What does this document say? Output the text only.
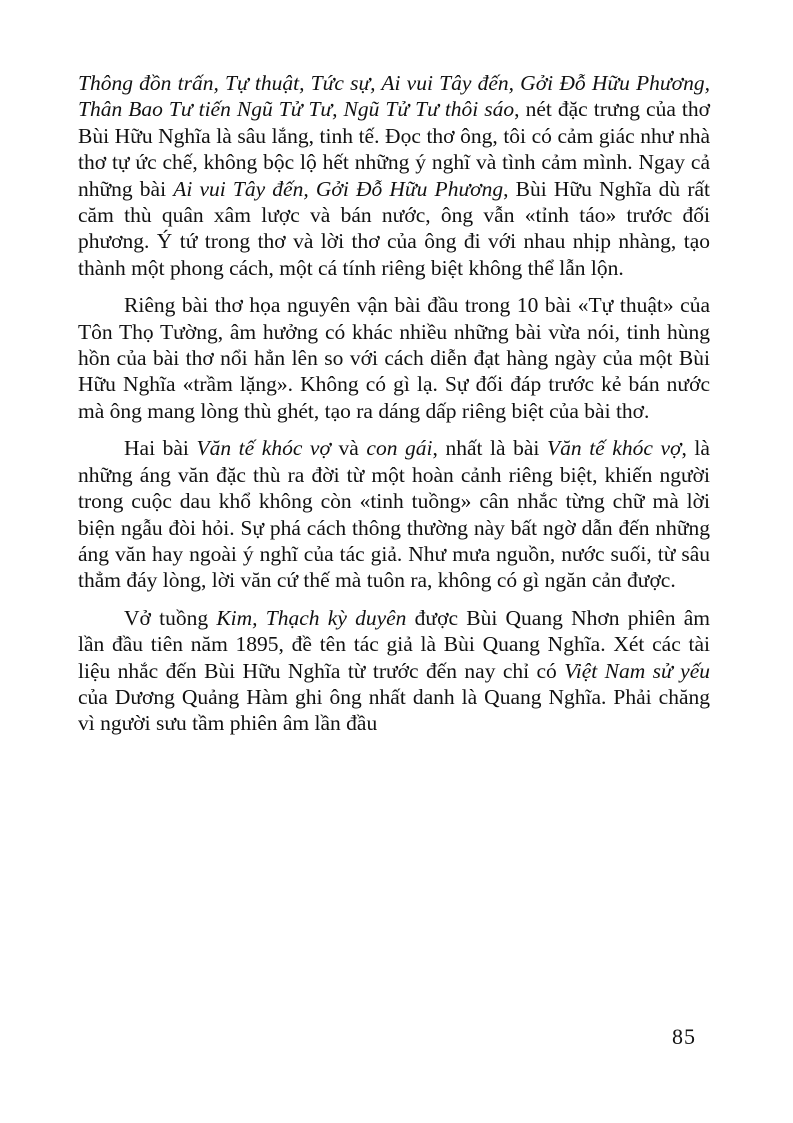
Thông đồn trấn, Tự thuật, Tức sự, Ai vui Tây đến, Gởi Đỗ Hữu Phương, Thân Bao Tư tiến Ngũ Tử Tư, Ngũ Tử Tư thôi sáo, nét đặc trưng của thơ Bùi Hữu Nghĩa là sâu lắng, tinh tế. Đọc thơ ông, tôi có cảm giác như nhà thơ tự ức chế, không bộc lộ hết những ý nghĩ và tình cảm mình. Ngay cả những bài Ai vui Tây đến, Gởi Đỗ Hữu Phương, Bùi Hữu Nghĩa dù rất căm thù quân xâm lược và bán nước, ông vẫn «tỉnh táo» trước đối phương. Ý tứ trong thơ và lời thơ của ông đi với nhau nhịp nhàng, tạo thành một phong cách, một cá tính riêng biệt không thể lẫn lộn.

Riêng bài thơ họa nguyên vận bài đầu trong 10 bài «Tự thuật» của Tôn Thọ Tường, âm hưởng có khác nhiều những bài vừa nói, tinh hùng hồn của bài thơ nổi hẳn lên so với cách diễn đạt hàng ngày của một Bùi Hữu Nghĩa «trầm lặng». Không có gì lạ. Sự đối đáp trước kẻ bán nước mà ông mang lòng thù ghét, tạo ra dáng dấp riêng biệt của bài thơ.

Hai bài Văn tế khóc vợ và con gái, nhất là bài Văn tế khóc vợ, là những áng văn đặc thù ra đời từ một hoàn cảnh riêng biệt, khiến người trong cuộc dau khổ không còn «tinh tuồng» cân nhắc từng chữ mà lời biện ngẫu đòi hỏi. Sự phá cách thông thường này bất ngờ dẫn đến những áng văn hay ngoài ý nghĩ của tác giả. Như mưa nguồn, nước suối, từ sâu thẳm đáy lòng, lời văn cứ thế mà tuôn ra, không có gì ngăn cản được.

Vở tuồng Kim, Thạch kỳ duyên được Bùi Quang Nhơn phiên âm lần đầu tiên năm 1895, đề tên tác giả là Bùi Quang Nghĩa. Xét các tài liệu nhắc đến Bùi Hữu Nghĩa từ trước đến nay chỉ có Việt Nam sử yếu của Dương Quảng Hàm ghi ông nhất danh là Quang Nghĩa. Phải chăng vì người sưu tầm phiên âm lần đầu

85
